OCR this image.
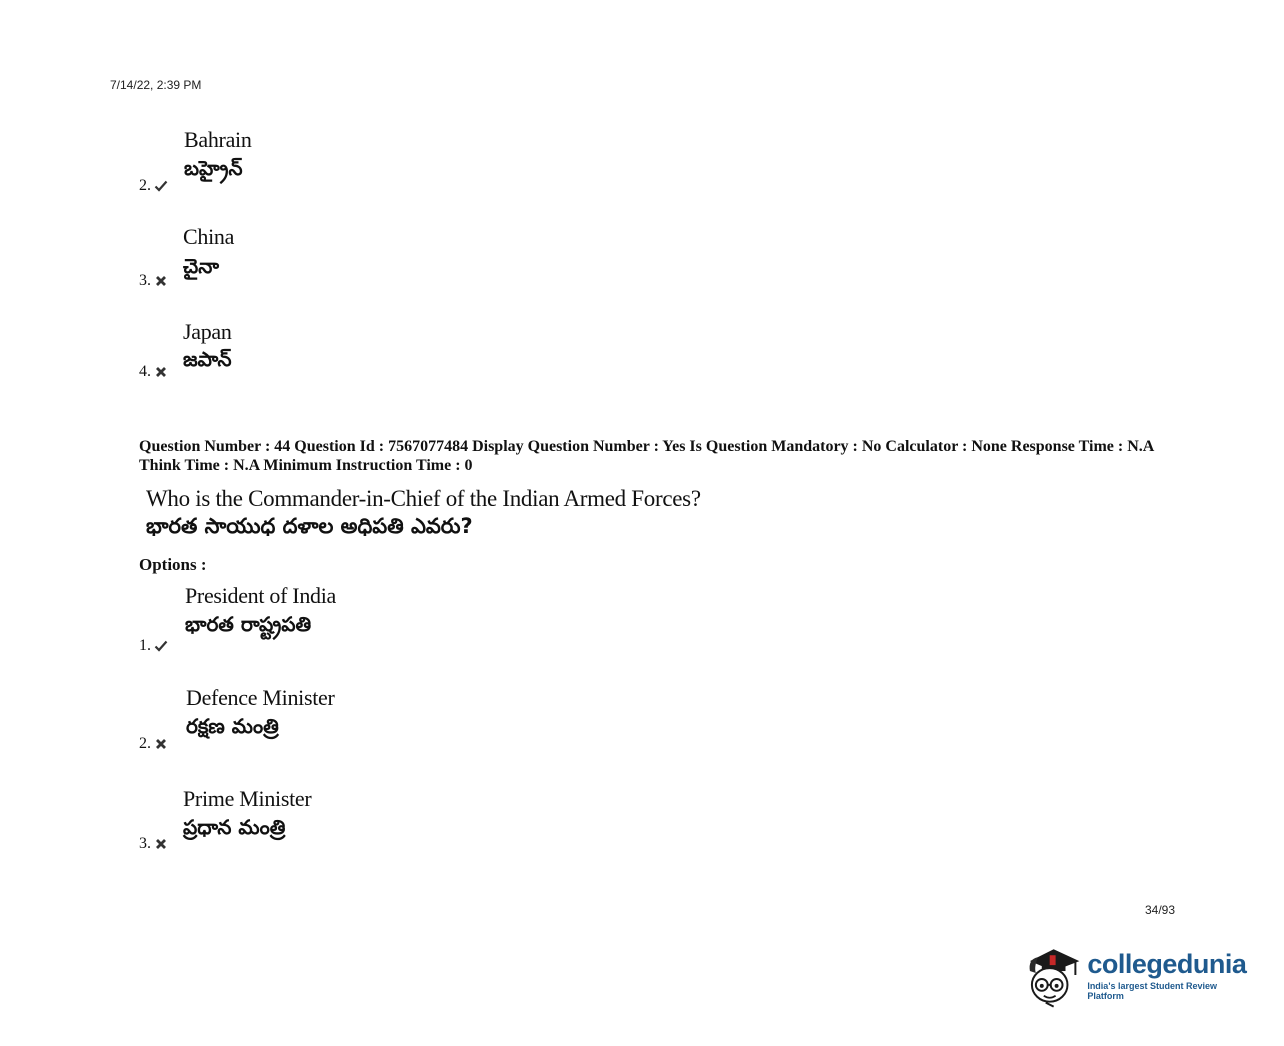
7/14/22, 2:39 PM
Bahrain
బహ్రైన్
2.
China
చైనా
3.
Japan
జపాన్
4.
Question Number : 44 Question Id : 7567077484 Display Question Number : Yes Is Question Mandatory : No Calculator : None Response Time : N.A Think Time : N.A Minimum Instruction Time : 0
Who is the Commander-in-Chief of the Indian Armed Forces?
భారత సాయుధ దళాల అధిపతి ఎవరు?
Options :
President of India
భారత రాష్ట్రపతి
1.
Defence Minister
రక్షణ మంత్రి
2.
Prime Minister
ప్రధాన మంత్రి
3.
34/93
collegedunia
India's largest Student Review Platform
